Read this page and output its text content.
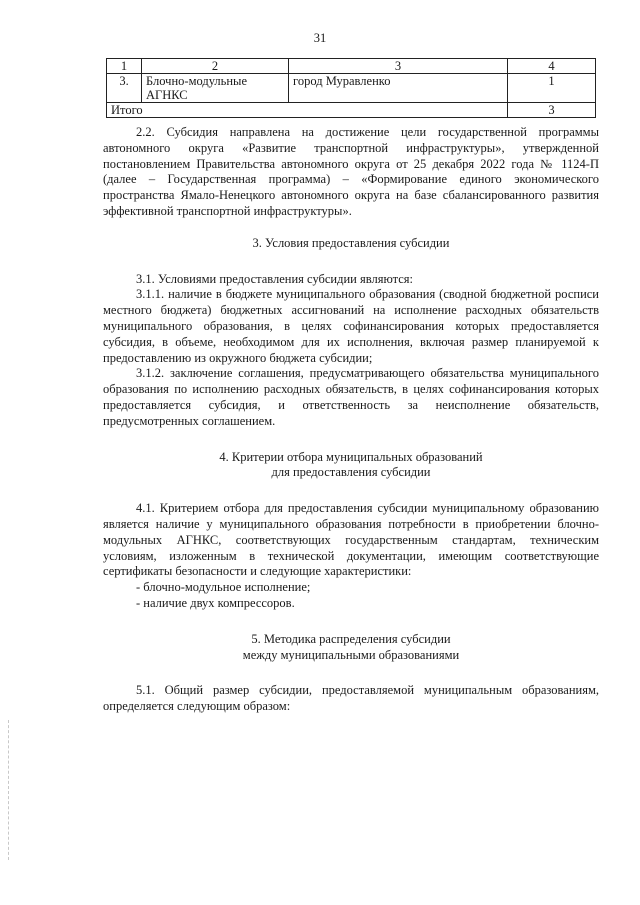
31
1	2	3	4
3.	Блочно-модульные АГНКС	город Муравленко	1
Итого			3

2.2. Субсидия направлена на достижение цели государственной программы автономного округа «Развитие транспортной инфраструктуры», утвержденной постановлением Правительства автономного округа от 25 декабря 2022 года № 1124-П (далее – Государственная программа) – «Формирование единого экономического пространства Ямало-Ненецкого автономного округа на базе сбалансированного развития эффективной транспортной инфраструктуры».

3. Условия предоставления субсидии

3.1. Условиями предоставления субсидии являются:

3.1.1. наличие в бюджете муниципального образования (сводной бюджетной росписи местного бюджета) бюджетных ассигнований на исполнение расходных обязательств муниципального образования, в целях софинансирования которых предоставляется субсидия, в объеме, необходимом для их исполнения, включая размер планируемой к предоставлению из окружного бюджета субсидии;

3.1.2. заключение соглашения, предусматривающего обязательства муниципального образования по исполнению расходных обязательств, в целях софинансирования которых предоставляется субсидия, и ответственность за неисполнение обязательств, предусмотренных соглашением.

4. Критерии отбора муниципальных образований

для предоставления субсидии

4.1. Критерием отбора для предоставления субсидии муниципальному образованию является наличие у муниципального образования потребности в приобретении блочно-модульных АГНКС, соответствующих государственным стандартам, техническим условиям, изложенным в технической документации, имеющим соответствующие сертификаты безопасности и следующие характеристики:

- блочно-модульное исполнение;

- наличие двух компрессоров.

5. Методика распределения субсидии

между муниципальными образованиями

5.1. Общий размер субсидии, предоставляемой муниципальным образованиям, определяется следующим образом:
